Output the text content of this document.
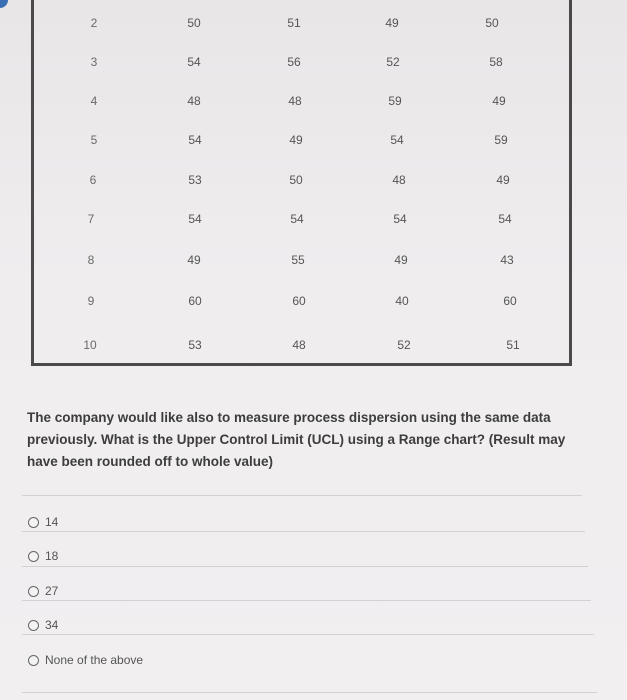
2	50	51	49	50
3	54	56	52	58
4	48	48	59	49
5	54	49	54	59
6	53	50	48	49
7	54	54	54	54
8	49	55	49	43
9	60	60	40	60
10	53	48	52	51
The company would like also to measure process dispersion using the same data previously. What is the Upper Control Limit (UCL) using a Range chart? (Result may have been rounded off to whole value)
14
18
27
34
None of the above
